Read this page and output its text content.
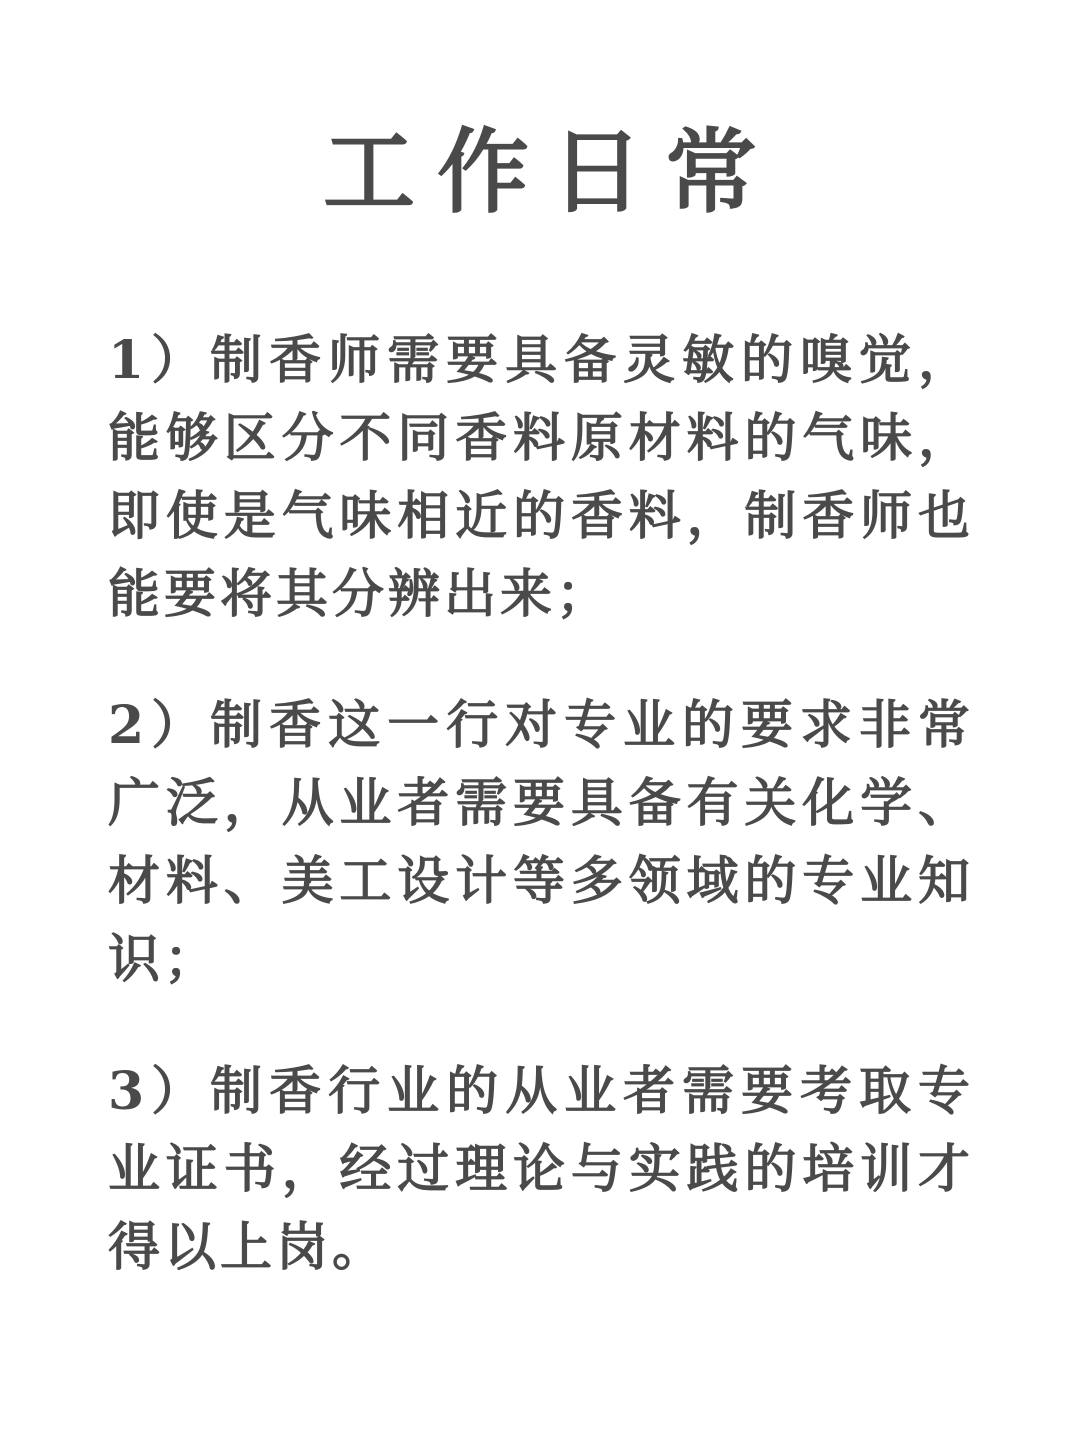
工作日常

1）制香师需要具备灵敏的嗅觉，能够区分不同香料原材料的气味，即使是气味相近的香料，制香师也能要将其分辨出来；

2）制香这一行对专业的要求非常广泛，从业者需要具备有关化学、材料、美工设计等多领域的专业知识；

3）制香行业的从业者需要考取专业证书，经过理论与实践的培训才得以上岗。
